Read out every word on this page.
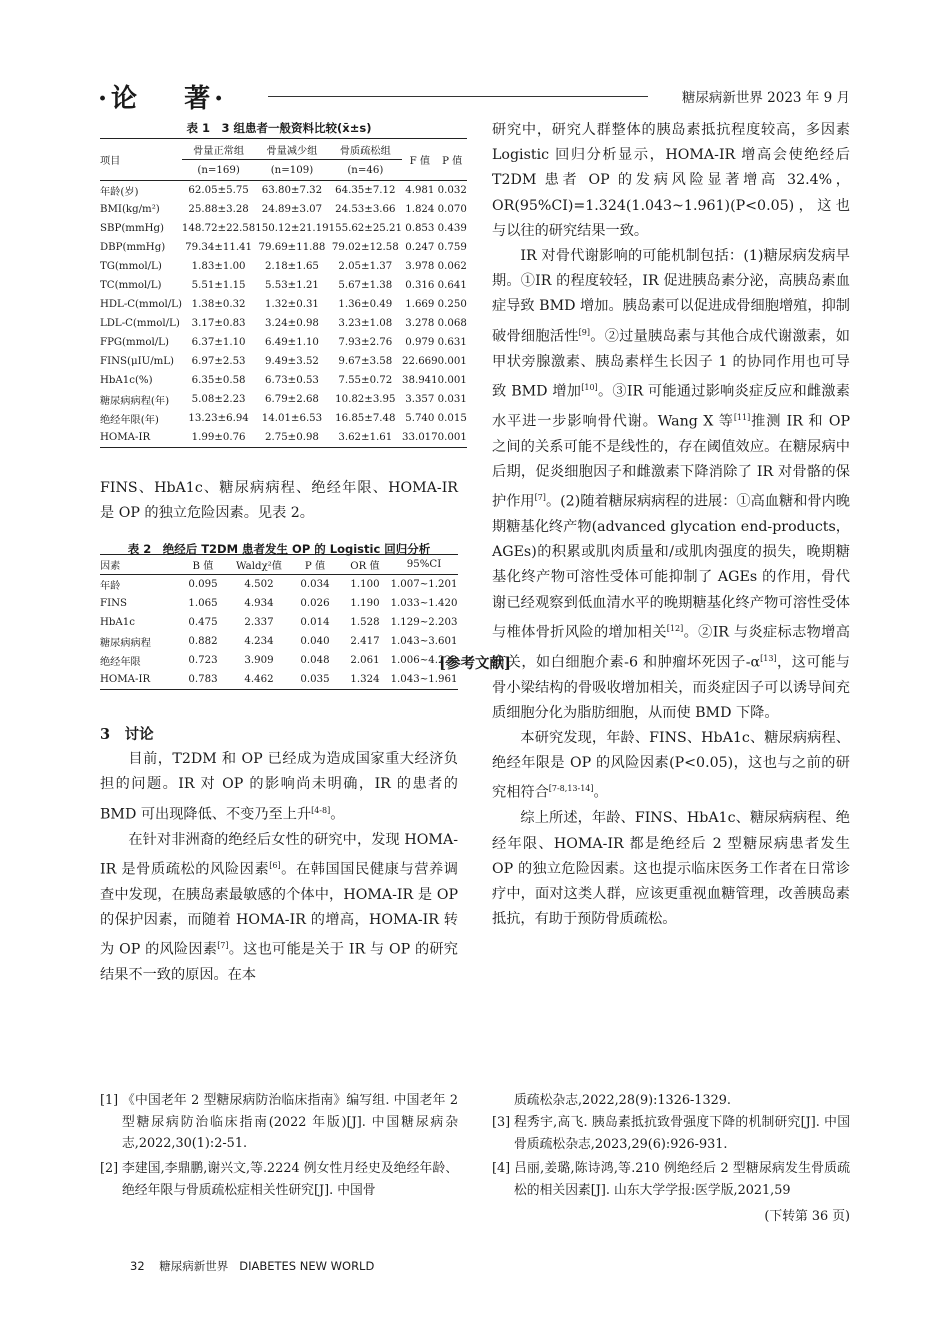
·论　 著·	糖尿病新世界 2023 年 9 月
表 1　3 组患者一般资料比较(x̄±s)
项目	骨量正常组	骨量减少组	骨质疏松组	F 值	P 值
	(n=169)	(n=109)	(n=46)		
年龄(岁)	62.05±5.75	63.80±7.32	64.35±7.12	4.981	0.032
BMI(kg/m²)	25.88±3.28	24.89±3.07	24.53±3.66	1.824	0.070
SBP(mmHg)	148.72±22.58	150.12±21.19	155.62±25.21	0.853	0.439
DBP(mmHg)	79.34±11.41	79.69±11.88	79.02±12.58	0.247	0.759
TG(mmol/L)	1.83±1.00	2.18±1.65	2.05±1.37	3.978	0.062
TC(mmol/L)	5.51±1.15	5.53±1.21	5.67±1.38	0.316	0.641
HDL-C(mmol/L)	1.38±0.32	1.32±0.31	1.36±0.49	1.669	0.250
LDL-C(mmol/L)	3.17±0.83	3.24±0.98	3.23±1.08	3.278	0.068
FPG(mmol/L)	6.37±1.10	6.49±1.10	7.93±2.76	0.979	0.631
FINS(μIU/mL)	6.97±2.53	9.49±3.52	9.67±3.58	22.669	0.001
HbA1c(%)	6.35±0.58	6.73±0.53	7.55±0.72	38.941	0.001
糖尿病病程(年)	5.08±2.23	6.79±2.68	10.82±3.95	3.357	0.031
绝经年限(年)	13.23±6.94	14.01±6.53	16.85±7.48	5.740	0.015
HOMA-IR	1.99±0.76	2.75±0.98	3.62±1.61	33.017	0.001

FINS、HbA1c、糖尿病病程、绝经年限、HOMA-IR 是 OP 的独立危险因素。见表 2。

表 2　绝经后 T2DM 患者发生 OP 的 Logistic 回归分析
因素	B 值	Waldχ²值	P 值	OR 值	95%CI
年龄	0.095	4.502	0.034	1.100	1.007~1.201
FINS	1.065	4.934	0.026	1.190	1.033~1.420
HbA1c	0.475	2.337	0.014	1.528	1.129~2.203
糖尿病病程	0.882	4.234	0.040	2.417	1.043~3.601
绝经年限	0.723	3.909	0.048	2.061	1.006~4.222
HOMA-IR	0.783	4.462	0.035	1.324	1.043~1.961

3　讨论

目前，T2DM 和 OP 已经成为造成国家重大经济负担的问题。IR 对 OP 的影响尚未明确，IR 的患者的 BMD 可出现降低、不变乃至上升[4-8]。

在针对非洲裔的绝经后女性的研究中，发现 HOMA-IR 是骨质疏松的风险因素[6]。在韩国国民健康与营养调查中发现，在胰岛素最敏感的个体中，HOMA-IR 是 OP 的保护因素，而随着 HOMA-IR 的增高，HOMA-IR 转为 OP 的风险因素[7]。这也可能是关于 IR 与 OP 的研究结果不一致的原因。在本

研究中，研究人群整体的胰岛素抵抗程度较高，多因素 Logistic 回归分析显示，HOMA-IR 增高会使绝经后 T2DM 患者 OP 的发病风险显著增高 32.4%，OR(95%CI)=1.324(1.043~1.961)(P<0.05)，这也与以往的研究结果一致。

IR 对骨代谢影响的可能机制包括：(1)糖尿病发病早期。①IR 的程度较轻，IR 促进胰岛素分泌，高胰岛素血症导致 BMD 增加。胰岛素可以促进成骨细胞增殖，抑制破骨细胞活性[9]。②过量胰岛素与其他合成代谢激素，如甲状旁腺激素、胰岛素样生长因子 1 的协同作用也可导致 BMD 增加[10]。③IR 可能通过影响炎症反应和雌激素水平进一步影响骨代谢。Wang X 等[11]推测 IR 和 OP 之间的关系可能不是线性的，存在阈值效应。在糖尿病中后期，促炎细胞因子和雌激素下降消除了 IR 对骨骼的保护作用[7]。(2)随着糖尿病病程的进展：①高血糖和骨内晚期糖基化终产物(advanced glycation end-products，AGEs)的积累或肌肉质量和/或肌肉强度的损失，晚期糖基化终产物可溶性受体可能抑制了 AGEs 的作用，骨代谢已经观察到低血清水平的晚期糖基化终产物可溶性受体与椎体骨折风险的增加相关[12]。②IR 与炎症标志物增高有关，如白细胞介素-6 和肿瘤坏死因子-α[13]，这可能与骨小梁结构的骨吸收增加相关，而炎症因子可以诱导间充质细胞分化为脂肪细胞，从而使 BMD 下降。

本研究发现，年龄、FINS、HbA1c、糖尿病病程、绝经年限是 OP 的风险因素(P<0.05)，这也与之前的研究相符合[7-8,13-14]。

综上所述，年龄、FINS、HbA1c、糖尿病病程、绝经年限、HOMA-IR 都是绝经后 2 型糖尿病患者发生 OP 的独立危险因素。这也提示临床医务工作者在日常诊疗中，面对这类人群，应该更重视血糖管理，改善胰岛素抵抗，有助于预防骨质疏松。

[参考文献]
[1] 《中国老年 2 型糖尿病防治临床指南》编写组. 中国老年 2 型糖尿病防治临床指南(2022 年版)[J]. 中国糖尿病杂志,2022,30(1):2-51.
[2] 李建国,李鼎鹏,谢兴文,等.2224 例女性月经史及绝经年龄、绝经年限与骨质疏松症相关性研究[J]. 中国骨
质疏松杂志,2022,28(9):1326-1329.
[3] 程秀宇,高飞. 胰岛素抵抗致骨强度下降的机制研究[J]. 中国骨质疏松杂志,2023,29(6):926-931.
[4] 吕丽,姜璐,陈诗鸿,等.210 例绝经后 2 型糖尿病发生骨质疏松的相关因素[J]. 山东大学学报:医学版,2021,59
(下转第 36 页)
32 糖尿病新世界 DIABETES NEW WORLD
